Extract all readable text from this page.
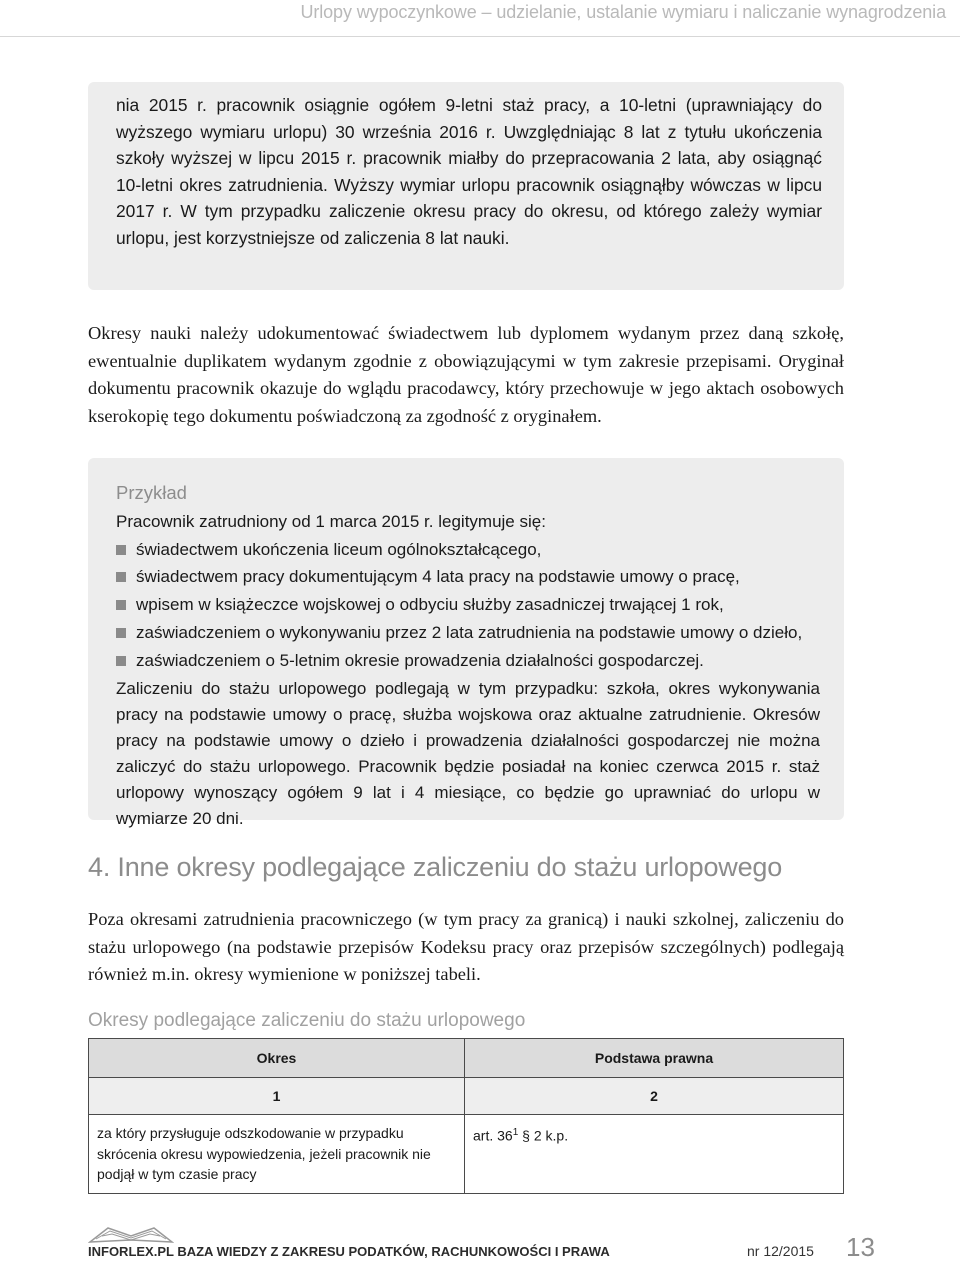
Urlopy wypoczynkowe – udzielanie, ustalanie wymiaru i naliczanie wynagrodzenia

nia 2015 r. pracownik osiągnie ogółem 9-letni staż pracy, a 10-letni (uprawniający do wyższego wymiaru urlopu) 30 września 2016 r. Uwzględniając 8 lat z tytułu ukończenia szkoły wyższej w lipcu 2015 r. pracownik miałby do przepracowania 2 lata, aby osiągnąć 10-letni okres zatrudnienia. Wyższy wymiar urlopu pracownik osiągnąłby wówczas w lipcu 2017 r. W tym przypadku zaliczenie okresu pracy do okresu, od którego zależy wymiar urlopu, jest korzystniejsze od zaliczenia 8 lat nauki.

Okresy nauki należy udokumentować świadectwem lub dyplomem wydanym przez daną szkołę, ewentualnie duplikatem wydanym zgodnie z obowiązującymi w tym zakresie przepisami. Oryginał dokumentu pracownik okazuje do wglądu pracodawcy, który przechowuje w jego aktach osobowych kserokopię tego dokumentu poświadczoną za zgodność z oryginałem.

Przykład

Pracownik zatrudniony od 1 marca 2015 r. legitymuje się:

świadectwem ukończenia liceum ogólnokształcącego,
świadectwem pracy dokumentującym 4 lata pracy na podstawie umowy o pracę,
wpisem w książeczce wojskowej o odbyciu służby zasadniczej trwającej 1 rok,
zaświadczeniem o wykonywaniu przez 2 lata zatrudnienia na podstawie umowy o dzieło,
zaświadczeniem o 5-letnim okresie prowadzenia działalności gospodarczej.

Zaliczeniu do stażu urlopowego podlegają w tym przypadku: szkoła, okres wykonywania pracy na podstawie umowy o pracę, służba wojskowa oraz aktualne zatrudnienie. Okresów pracy na podstawie umowy o dzieło i prowadzenia działalności gospodarczej nie można zaliczyć do stażu urlopowego. Pracownik będzie posiadał na koniec czerwca 2015 r. staż urlopowy wynoszący ogółem 9 lat i 4 miesiące, co będzie go uprawniać do urlopu w wymiarze 20 dni.

4. Inne okresy podlegające zaliczeniu do stażu urlopowego

Poza okresami zatrudnienia pracowniczego (w tym pracy za granicą) i nauki szkolnej, zaliczeniu do stażu urlopowego (na podstawie przepisów Kodeksu pracy oraz przepisów szczególnych) podlegają również m.in. okresy wymienione w poniższej tabeli.

Okresy podlegające zaliczeniu do stażu urlopowego
Okres	Podstawa prawna
1	2
za który przysługuje odszkodowanie w przypadku skrócenia okresu wypowiedzenia, jeżeli pracownik nie podjął w tym czasie pracy	art. $36^1$ § 2 k.p.
INFORLEX.PL BAZA WIEDZY Z ZAKRESU PODATKÓW, RACHUNKOWOŚCI I PRAWA	nr 12/2015 13
